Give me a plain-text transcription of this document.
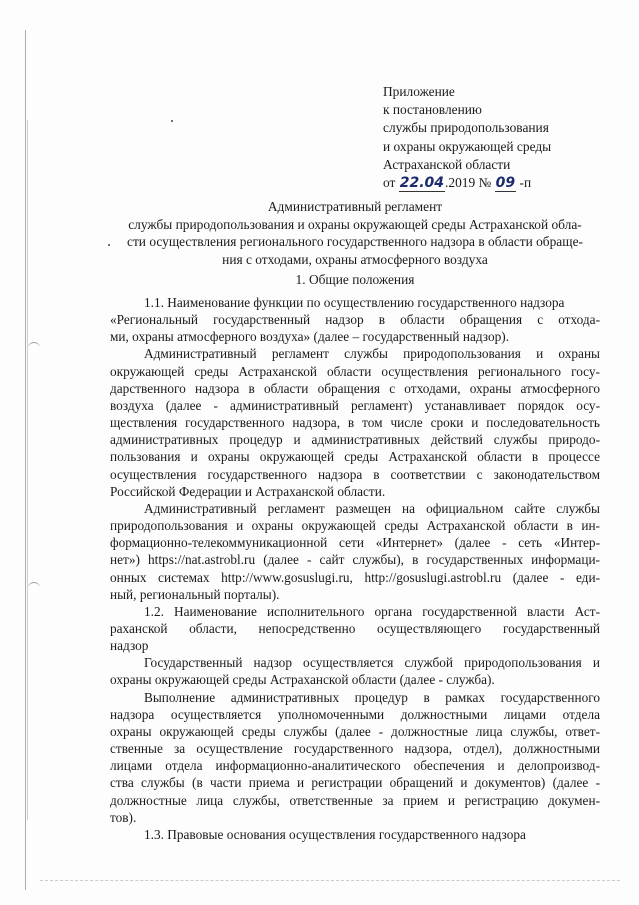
Приложение
к постановлению
службы природопользования
и охраны окружающей среды
Астраханской области
от 22.04.2019 № 09 -п
Административный регламент
службы природопользования и охраны окружающей среды Астраханской обла-
сти осуществления регионального государственного надзора в области обраще-
ния с отходами, охраны атмосферного воздуха
1. Общие положения
1.1. Наименование функции по осуществлению государственного надзора
«Региональный государственный надзор в области обращения с отхода-
ми, охраны атмосферного воздуха» (далее – государственный надзор).
Административный регламент службы природопользования и охраны
окружающей среды Астраханской области осуществления регионального госу-
дарственного надзора в области обращения с отходами, охраны атмосферного
воздуха (далее - административный регламент) устанавливает порядок осу-
ществления государственного надзора, в том числе сроки и последовательность
административных процедур и административных действий службы природо-
пользования и охраны окружающей среды Астраханской области в процессе
осуществления государственного надзора в соответствии с законодательством
Российской Федерации и Астраханской области.
Административный регламент размещен на официальном сайте службы
природопользования и охраны окружающей среды Астраханской области в ин-
формационно-телекоммуникационной сети «Интернет» (далее - сеть «Интер-
нет») https://nat.astrobl.ru (далее - сайт службы), в государственных информаци-
онных системах http://www.gosuslugi.ru, http://gosuslugi.astrobl.ru (далее - еди-
ный, региональный порталы).
1.2. Наименование исполнительного органа государственной власти Аст-
раханской области, непосредственно осуществляющего государственный
надзор
Государственный надзор осуществляется службой природопользования и
охраны окружающей среды Астраханской области (далее - служба).
Выполнение административных процедур в рамках государственного
надзора осуществляется уполномоченными должностными лицами отдела
охраны окружающей среды службы (далее - должностные лица службы, ответ-
ственные за осуществление государственного надзора, отдел), должностными
лицами отдела информационно-аналитического обеспечения и делопроизвод-
ства службы (в части приема и регистрации обращений и документов) (далее -
должностные лица службы, ответственные за прием и регистрацию докумен-
тов).
1.3. Правовые основания осуществления государственного надзора
